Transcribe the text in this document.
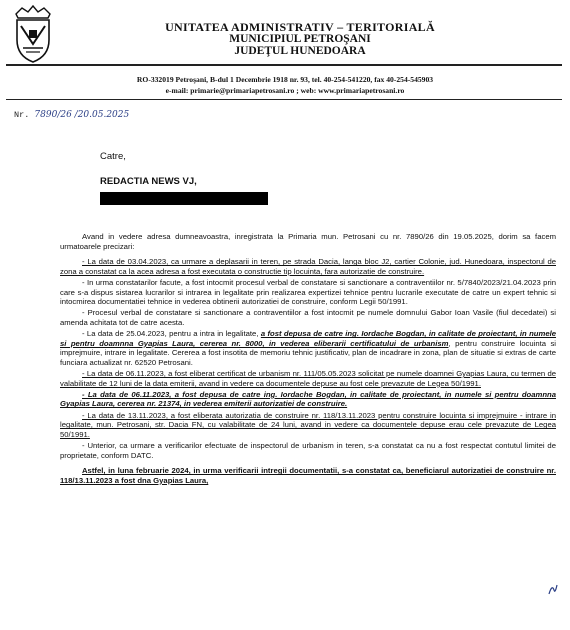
UNITATEA ADMINISTRATIV – TERITORIALĂ
MUNICIPIUL PETROŞANI
JUDEŢUL HUNEDOARA
RO-332019 Petroşani, B-dul 1 Decembrie 1918 nr. 93, tel. 40-254-541220, fax 40-254-545903
e-mail: primarie@primariapetrosani.ro ; web: www.primariapetrosani.ro
Nr. 7890/26 /20.05.2025
Catre,
REDACTIA NEWS VJ,

Avand in vedere adresa dumneavoastra, inregistrata la Primaria mun. Petrosani cu nr. 7890/26 din 19.05.2025, dorim sa facem urmatoarele precizari:

- La data de 03.04.2023, ca urmare a deplasarii in teren, pe strada Dacia, langa bloc J2, cartier Colonie, jud. Hunedoara, inspectorul de zona a constatat ca la acea adresa a fost executata o constructie tip locuinta, fara autorizatie de construire.

- In urma constatarilor facute, a fost intocmit procesul verbal de constatare si sanctionare a contraventiilor nr. 5/7840/2023/21.04.2023 prin care s-a dispus sistarea lucrarilor si intrarea in legalitate prin realizarea expertizei tehnice pentru lucrarile executate de catre un expert tehnic si intocmirea documentatiei tehnice in vederea obtinerii autorizatiei de construire, conform Legii 50/1991.

- Procesul verbal de constatare si sanctionare a contraventiilor a fost intocmit pe numele domnului Gabor Ioan Vasile (fiul decedatei) si amenda achitata tot de catre acesta.

- La data de 25.04.2023, pentru a intra in legalitate, a fost depusa de catre ing. Iordache Bogdan, in calitate de proiectant, in numele si pentru doamnna Gyapias Laura, cererea nr. 8000, in vederea eliberarii certificatului de urbanism, pentru construire locuinta si imprejmuire, intrare in legalitate. Cererea a fost insotita de memoriu tehnic justificativ, plan de incadrare in zona, plan de situatie si extras de carte funciara actualizat nr. 62520 Petrosani.

- La data de 06.11.2023, a fost eliberat certificat de urbanism nr. 111/05.05.2023 solicitat pe numele doamnei Gyapias Laura, cu termen de valabilitate de 12 luni de la data emiterii, avand in vedere ca documentele depuse au fost cele prevazute de Legea 50/1991.

- La data de 06.11.2023, a fost depusa de catre ing. Iordache Bogdan, in calitate de proiectant, in numele si pentru doamnna Gyapias Laura, cererea nr. 21374, in vederea emiterii autorizatiei de construire.

- La data de 13.11.2023, a fost eliberata autorizatia de construire nr. 118/13.11.2023 pentru construire locuinta si imprejmuire - intrare in legalitate, mun. Petrosani, str. Dacia FN, cu valabilitate de 24 luni, avand in vedere ca documentele depuse erau cele prevazute de Legea 50/1991.

- Unterior, ca urmare a verificarilor efectuate de inspectorul de urbanism in teren, s-a constatat ca nu a fost respectat contutul limitei de proprietate, conform DATC.

Astfel, in luna februarie 2024, in urma verificarii intregii documentatii, s-a constatat ca, beneficiarul autorizatiei de construire nr. 118/13.11.2023 a fost dna Gyapias Laura,
